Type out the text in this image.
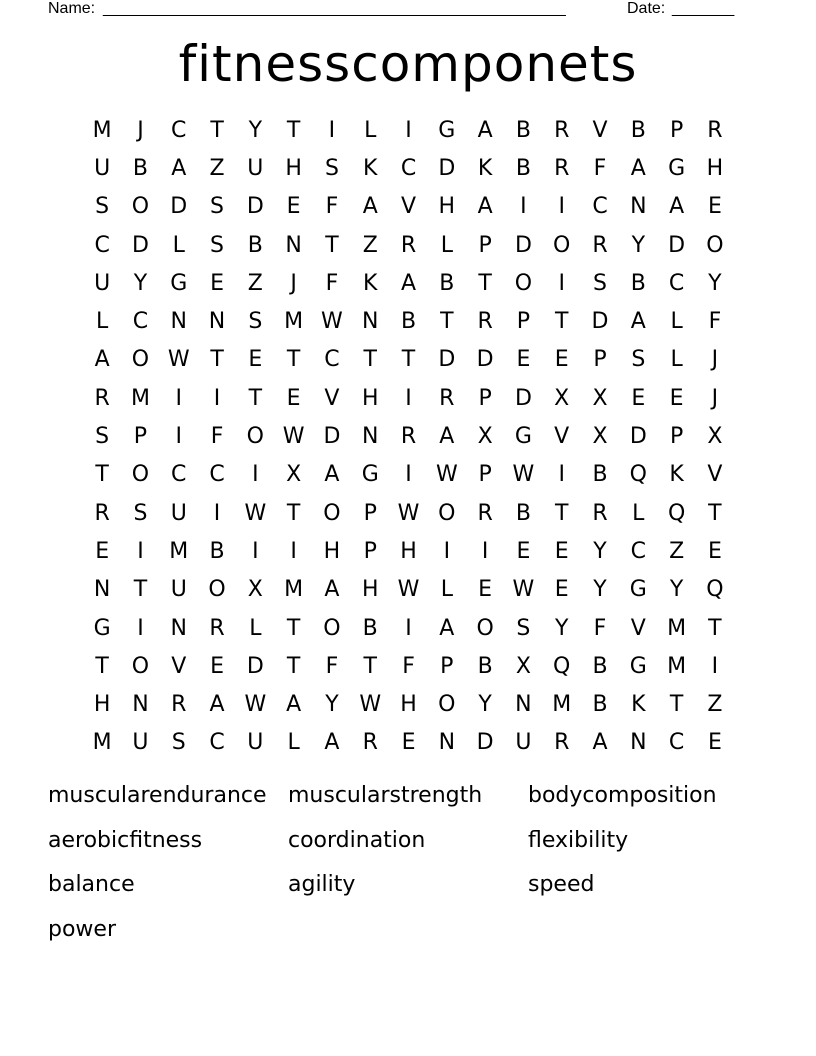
Name: ____________________________________________________	Date: _______
fitnesscomponets
M	J	C	T	Y	T	I	L	I	G	A	B	R	V	B	P	R
U	B	A	Z	U H	S	K	C	D	K	B	R	F	A	G H
S	O D	S	D	E	F	A	V	H	A	I	I	C	N	A	E
C	D	L	S	B	N	T	Z	R	L	P	D O R	Y	D O
U	Y	G	E	Z	J	F	K	A	B	T	O	I	S	B	C	Y
L	C	N N	S M W N	B	T	R	P	T	D	A	L	F
A	O W T	E	T	C	T	T	D D	E	E	P	S	L	J
R M	I	I	T	E	V	H	I	R	P	D	X	X	E	E	J
S	P	I	F	O W D N	R	A	X	G	V	X	D	P	X
T	O C	C	I	X	A	G	I	W P W	I	B	Q	K	V
R	S	U	I	W T	O	P W O R	B	T	R	L	Q	T
E	I	M B	I	I	H	P	H	I	I	E	E	Y	C	Z	E
N	T	U O	X M A	H W L	E W E	Y	G	Y	Q
G	I	N	R	L	T	O	B	I	A	O	S	Y	F	V M	T
T	O	V	E	D	T	F	T	F	P	B	X	Q	B	G M	I
H N	R	A W A	Y W H O	Y	N M B	K	T	Z
M U	S	C	U	L	A	R	E	N D U	R	A	N	C	E
muscularendurance muscularstrength	bodycomposition
aerobicfitness	coordination	flexibility
balance	agility	speed
power
